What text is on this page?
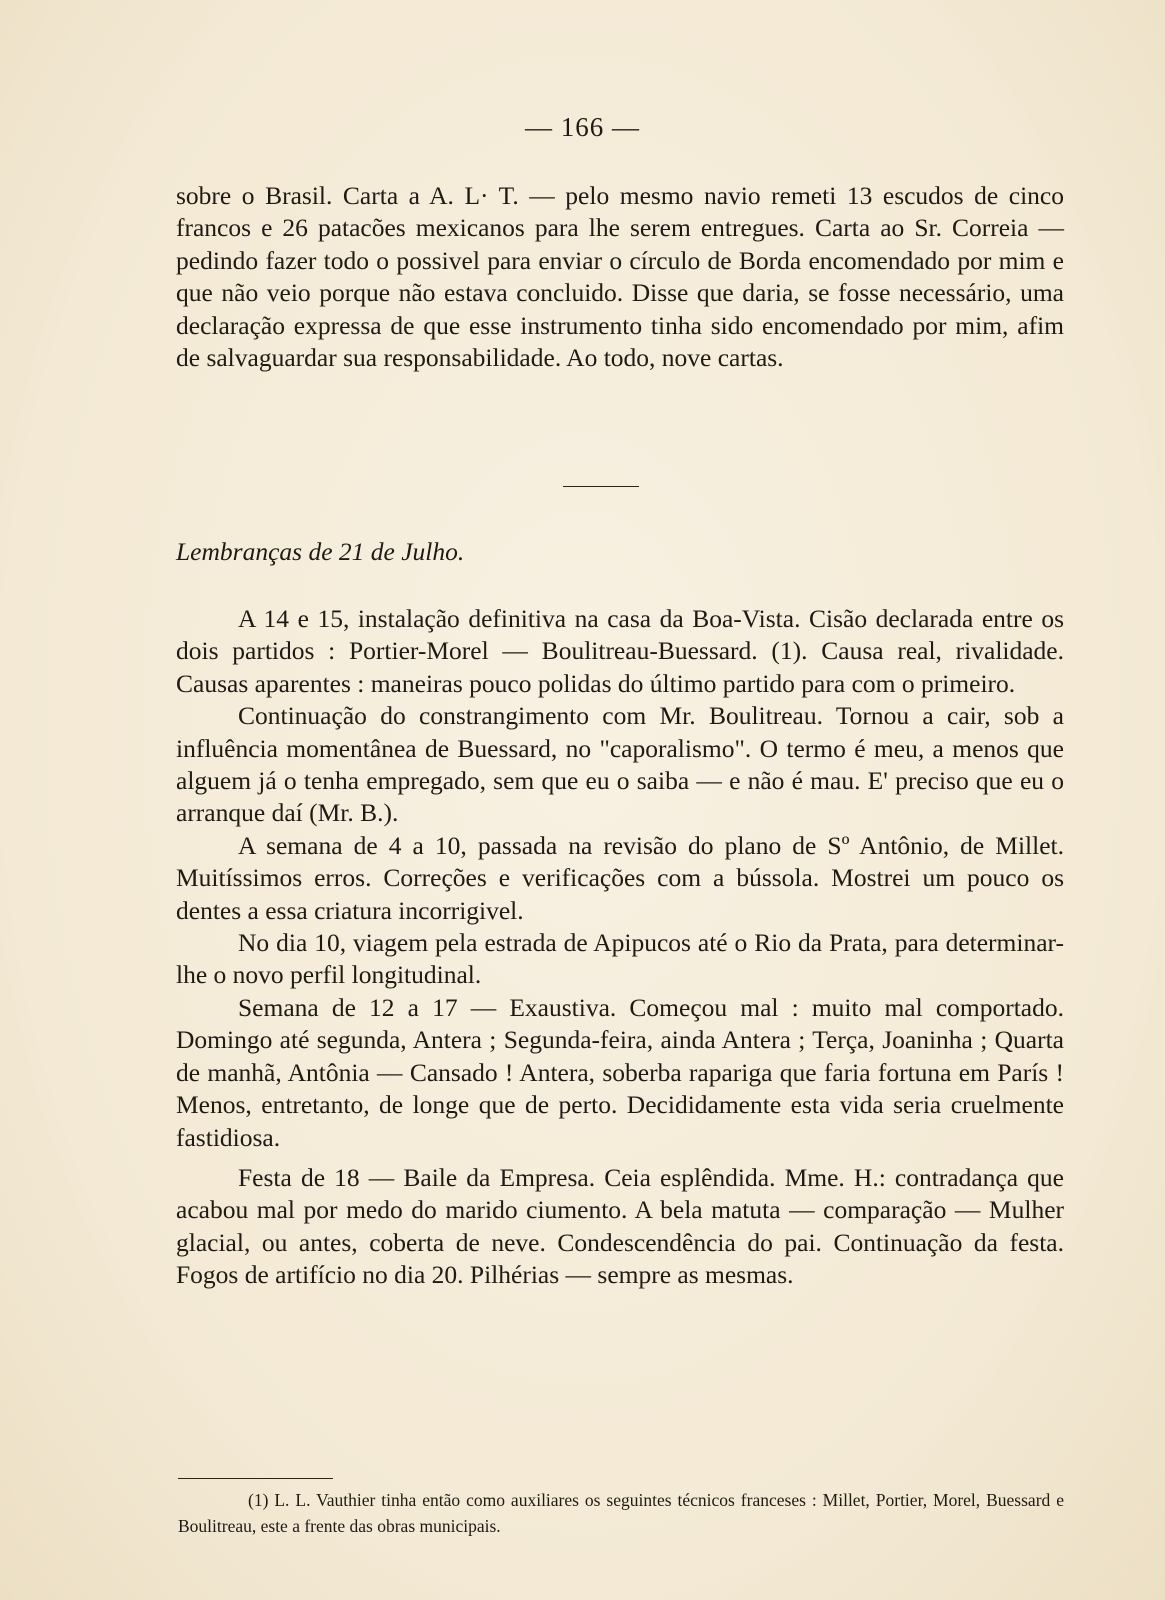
— 166 —

sobre o Brasil. Carta a A. L· T. — pelo mesmo navio remeti 13 escudos de cinco francos e 26 patacões mexicanos para lhe serem entregues. Carta ao Sr. Correia — pedindo fazer todo o possivel para enviar o círculo de Borda encomendado por mim e que não veio porque não estava concluido. Disse que daria, se fosse necessário, uma declaração expressa de que esse instrumento tinha sido encomendado por mim, afim de salvaguardar sua responsabilidade. Ao todo, nove cartas.

Lembranças de 21 de Julho.

A 14 e 15, instalação definitiva na casa da Boa-Vista. Cisão declarada entre os dois partidos : Portier-Morel — Boulitreau-Buessard. (1). Causa real, rivalidade. Causas aparentes : maneiras pouco polidas do último partido para com o primeiro.

Continuação do constrangimento com Mr. Boulitreau. Tornou a cair, sob a influência momentânea de Buessard, no "caporalismo". O termo é meu, a menos que alguem já o tenha empregado, sem que eu o saiba — e não é mau. E' preciso que eu o arranque daí (Mr. B.).

A semana de 4 a 10, passada na revisão do plano de Sº Antônio, de Millet. Muitíssimos erros. Correções e verificações com a bússola. Mostrei um pouco os dentes a essa criatura incorrigivel.

No dia 10, viagem pela estrada de Apipucos até o Rio da Prata, para determinar-lhe o novo perfil longitudinal.

Semana de 12 a 17 — Exaustiva. Começou mal : muito mal comportado. Domingo até segunda, Antera ; Segunda-feira, ainda Antera ; Terça, Joaninha ; Quarta de manhã, Antônia — Cansado ! Antera, soberba rapariga que faria fortuna em París ! Menos, entretanto, de longe que de perto. Decididamente esta vida seria cruelmente fastidiosa.

Festa de 18 — Baile da Empresa. Ceia esplêndida. Mme. H.: contradança que acabou mal por medo do marido ciumento. A bela matuta — comparação — Mulher glacial, ou antes, coberta de neve. Condescendência do pai. Continuação da festa. Fogos de artifício no dia 20. Pilhérias — sempre as mesmas.

(1) L. L. Vauthier tinha então como auxiliares os seguintes técnicos franceses : Millet, Portier, Morel, Buessard e Boulitreau, este a frente das obras municipais.
